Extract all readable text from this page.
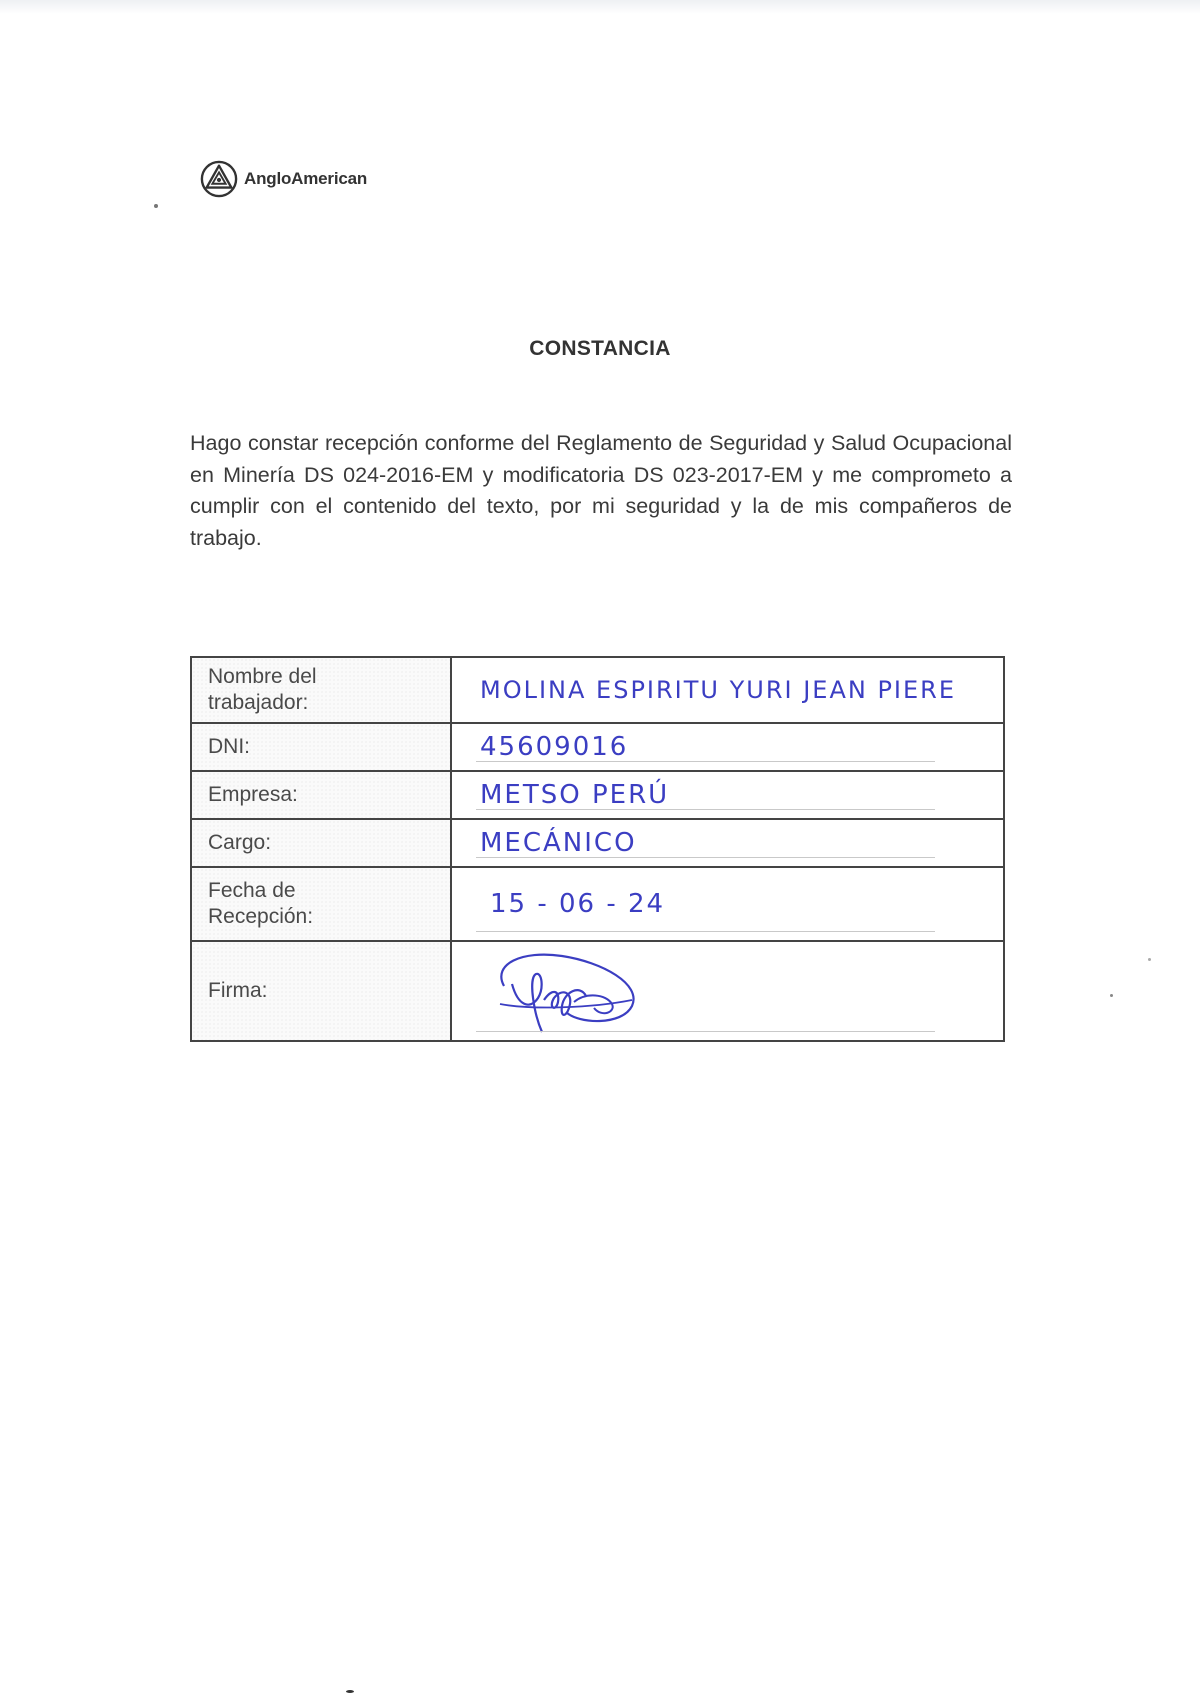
AngloAmerican
CONSTANCIA
Hago constar recepción conforme del Reglamento de Seguridad y Salud Ocupacional en Minería DS 024-2016-EM y modificatoria DS 023-2017-EM y me comprometo a cumplir con el contenido del texto, por mi seguridad y la de mis compañeros de trabajo.
Nombre del
trabajador:	MOLINA ESPIRITU YURI JEAN PIERE
DNI:	45609016

Empresa:	METSO PERÚ

Cargo:	MECÁNICO

Fecha de
Recepción:	15 - 06 - 24

Firma:	
